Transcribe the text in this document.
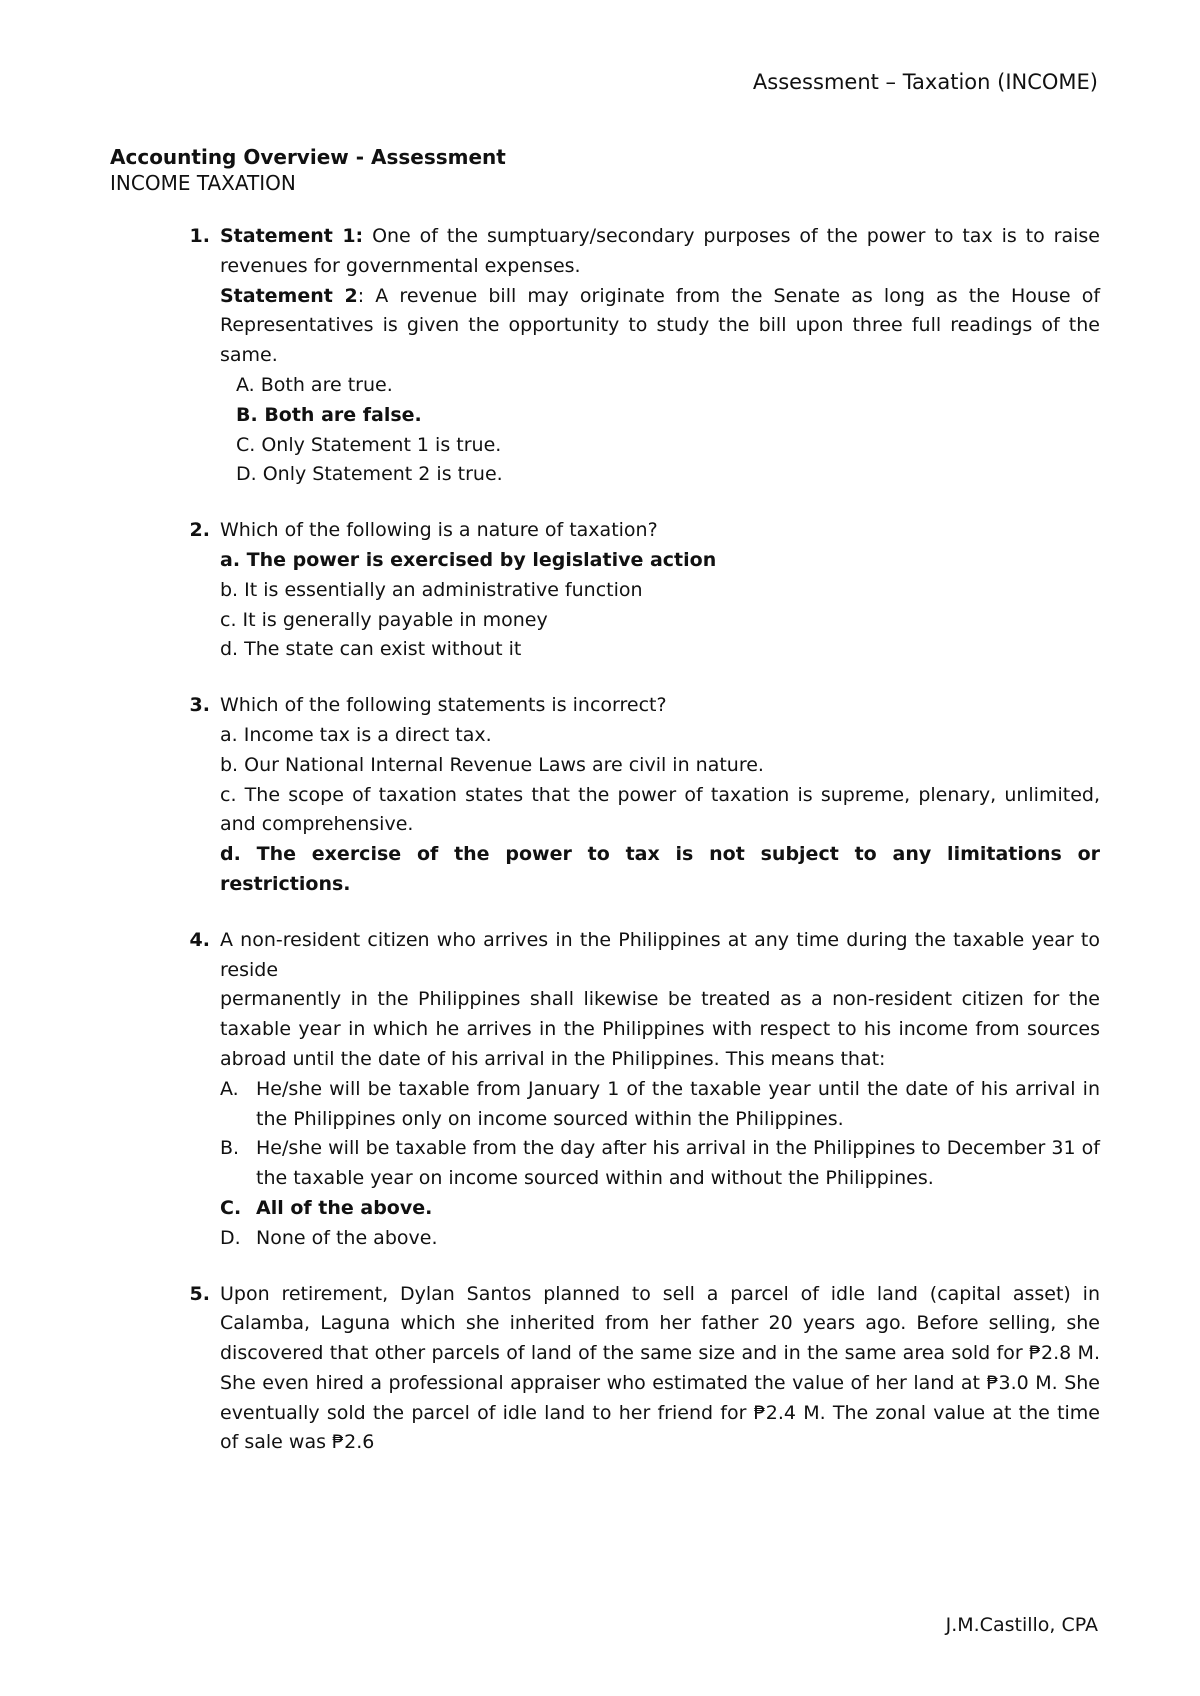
Assessment – Taxation (INCOME)
Accounting Overview - Assessment
INCOME TAXATION
1. Statement 1: One of the sumptuary/secondary purposes of the power to tax is to raise revenues for governmental expenses.

Statement 2: A revenue bill may originate from the Senate as long as the House of Representatives is given the opportunity to study the bill upon three full readings of the same.

A. Both are true.
B. Both are false.
C. Only Statement 1 is true.
D. Only Statement 2 is true.
2. Which of the following is a nature of taxation?
a. The power is exercised by legislative action
b. It is essentially an administrative function
c. It is generally payable in money
d. The state can exist without it
3. Which of the following statements is incorrect?
a. Income tax is a direct tax.
b. Our National Internal Revenue Laws are civil in nature.
c. The scope of taxation states that the power of taxation is supreme, plenary, unlimited, and comprehensive.
d. The exercise of the power to tax is not subject to any limitations or restrictions.
4. A non-resident citizen who arrives in the Philippines at any time during the taxable year to reside

permanently in the Philippines shall likewise be treated as a non-resident citizen for the taxable year in which he arrives in the Philippines with respect to his income from sources abroad until the date of his arrival in the Philippines. This means that:

A. He/she will be taxable from January 1 of the taxable year until the date of his arrival in the Philippines only on income sourced within the Philippines.
B. He/she will be taxable from the day after his arrival in the Philippines to December 31 of the taxable year on income sourced within and without the Philippines.
C. All of the above.
D. None of the above.
5. Upon retirement, Dylan Santos planned to sell a parcel of idle land (capital asset) in Calamba, Laguna which she inherited from her father 20 years ago. Before selling, she discovered that other parcels of land of the same size and in the same area sold for ₱2.8 M. She even hired a professional appraiser who estimated the value of her land at ₱3.0 M. She eventually sold the parcel of idle land to her friend for ₱2.4 M. The zonal value at the time of sale was ₱2.6

J.M.Castillo, CPA
